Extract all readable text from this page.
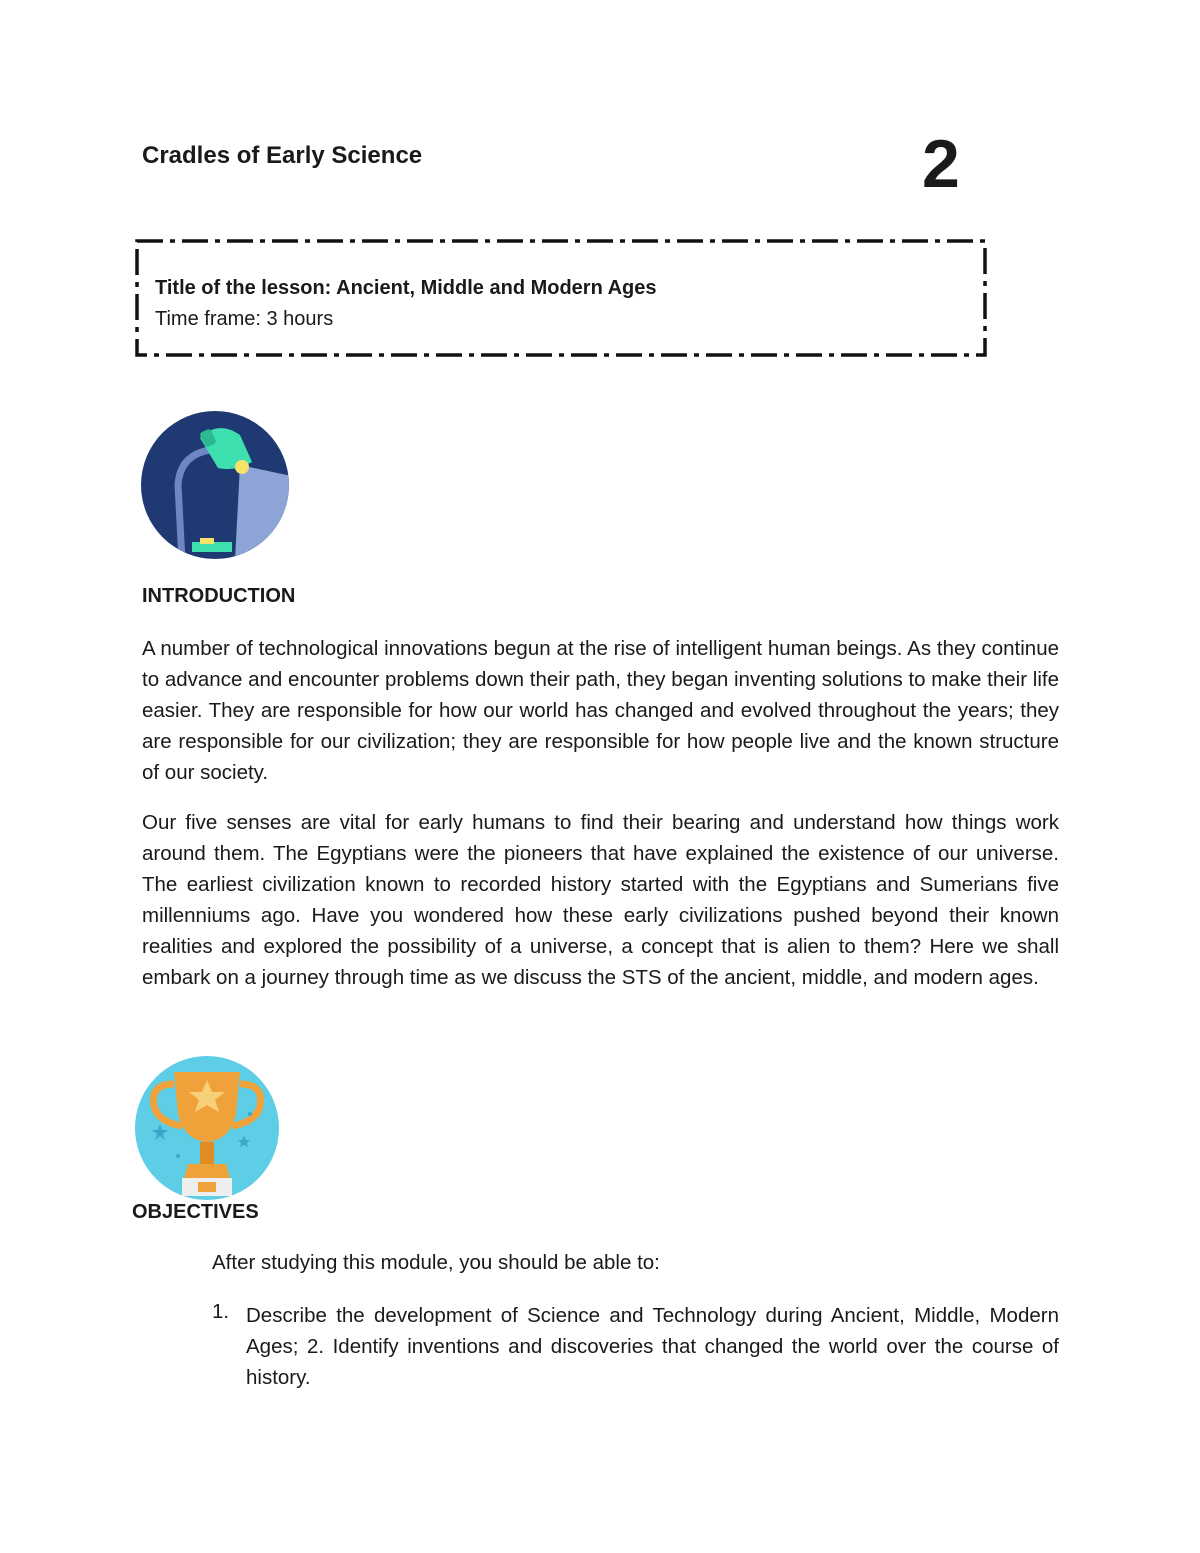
Cradles of Early Science	2
Title of the lesson: Ancient, Middle and Modern Ages
Time frame: 3 hours
INTRODUCTION
A number of technological innovations begun at the rise of intelligent human beings. As they continue to advance and encounter problems down their path, they began inventing solutions to make their life easier. They are responsible for how our world has changed and evolved throughout the years; they are responsible for our civilization; they are responsible for how people live and the known structure of our society.
Our five senses are vital for early humans to find their bearing and understand how things work around them. The Egyptians were the pioneers that have explained the existence of our universe. The earliest civilization known to recorded history started with the Egyptians and Sumerians five millenniums ago. Have you wondered how these early civilizations pushed beyond their known realities and explored the possibility of a universe, a concept that is alien to them? Here we shall embark on a journey through time as we discuss the STS of the ancient, middle, and modern ages.
OBJECTIVES
After studying this module, you should be able to:
1. Describe the development of Science and Technology during Ancient, Middle, Modern Ages; 2. Identify inventions and discoveries that changed the world over the course of history.
